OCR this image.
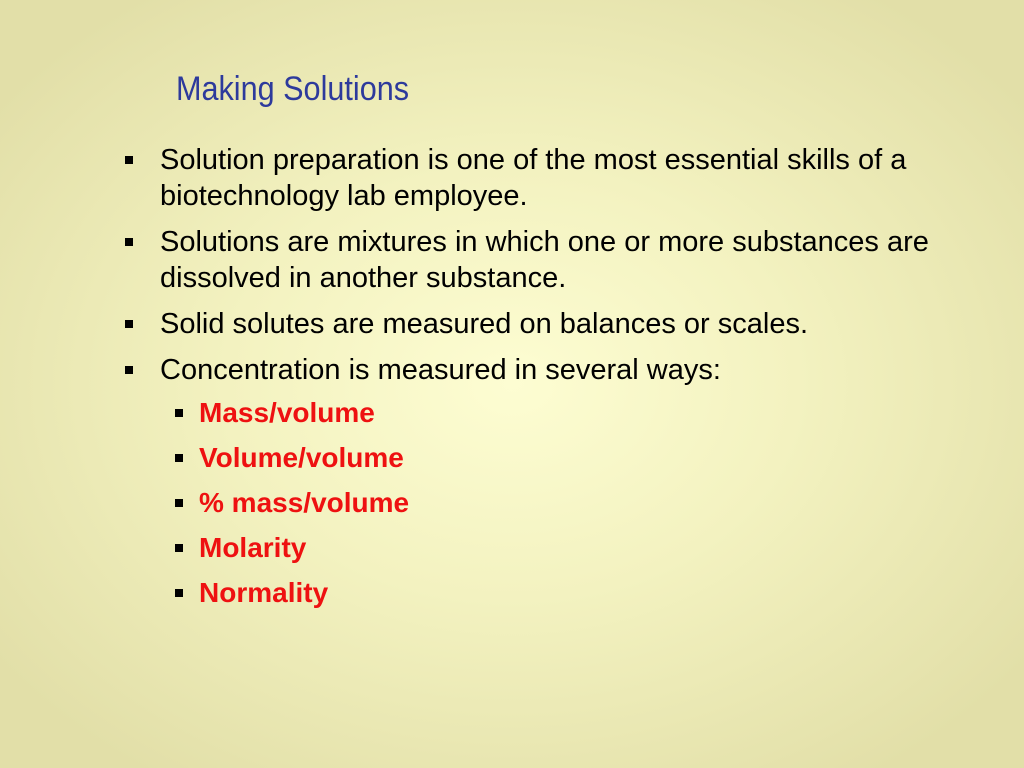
Making Solutions
Solution preparation is one of the most essential skills of a biotechnology lab employee.
Solutions are mixtures in which one or more substances are dissolved in another substance.
Solid solutes are measured on balances or scales.
Concentration is measured in several ways:
Mass/volume
Volume/volume
% mass/volume
Molarity
Normality
